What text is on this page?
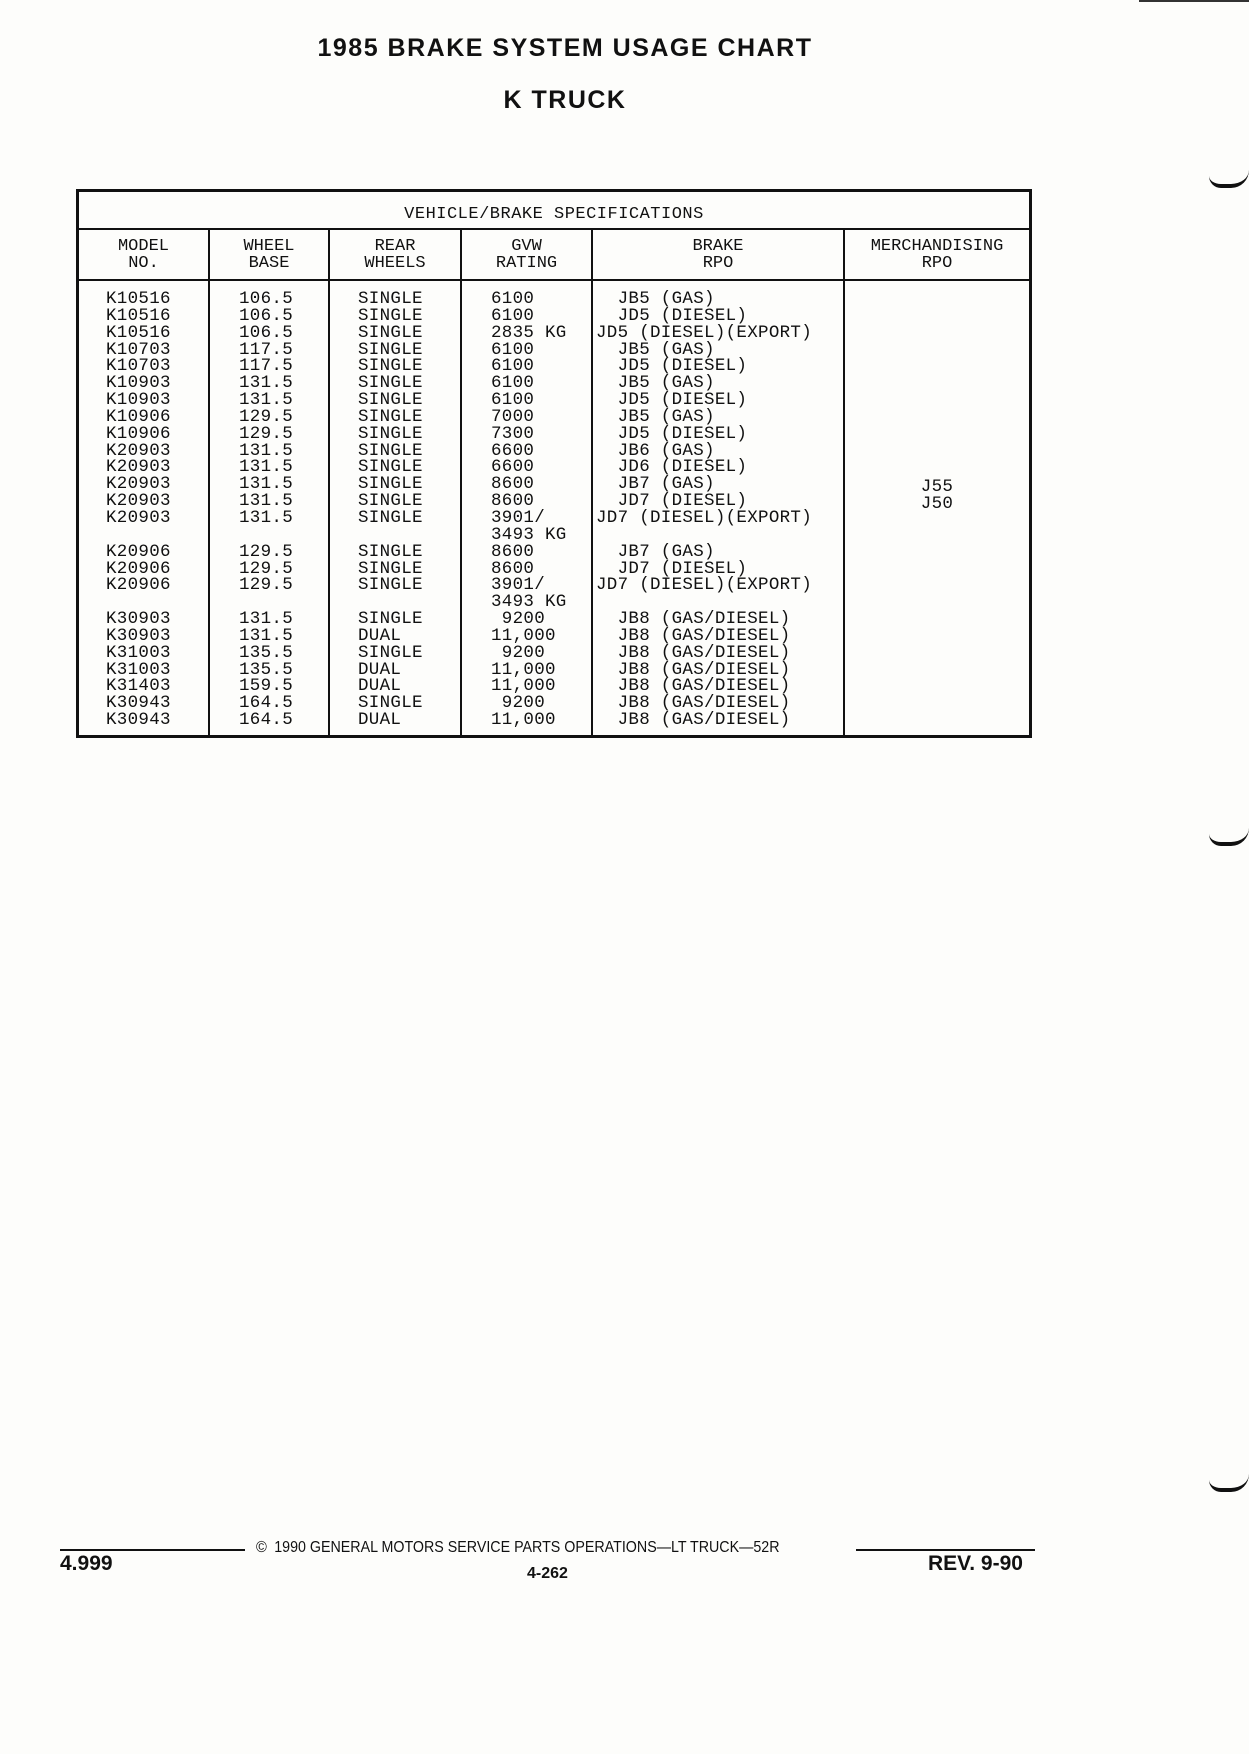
1985 BRAKE SYSTEM USAGE CHART
K TRUCK
VEHICLE/BRAKE SPECIFICATIONS
MODEL
NO.
K10516
K10516
K10516
K10703
K10703
K10903
K10903
K10906
K10906
K20903
K20903
K20903
K20903
K20903
K20906
K20906
K20906
K30903
K30903
K31003
K31003
K31403
K30943
K30943
WHEEL
BASE
106.5
106.5
106.5
117.5
117.5
131.5
131.5
129.5
129.5
131.5
131.5
131.5
131.5
131.5
129.5
129.5
129.5
131.5
131.5
135.5
135.5
159.5
164.5
164.5
REAR
WHEELS
SINGLE
SINGLE
SINGLE
SINGLE
SINGLE
SINGLE
SINGLE
SINGLE
SINGLE
SINGLE
SINGLE
SINGLE
SINGLE
SINGLE
SINGLE
SINGLE
SINGLE
SINGLE
DUAL
SINGLE
DUAL
DUAL
SINGLE
DUAL
GVW
RATING
6100
6100
2835 KG
6100
6100
6100
6100
7000
7300
6600
6600
8600
8600
3901/
3493 KG
8600
8600
3901/
3493 KG
9200
11,000
9200
11,000
11,000
9200
11,000
BRAKE
RPO
JB5 (GAS)
JD5 (DIESEL)
JD5 (DIESEL)(EXPORT)
JB5 (GAS)
JD5 (DIESEL)
JB5 (GAS)
JD5 (DIESEL)
JB5 (GAS)
JD5 (DIESEL)
JB6 (GAS)
JD6 (DIESEL)
JB7 (GAS)
JD7 (DIESEL)
JD7 (DIESEL)(EXPORT)
JB7 (GAS)
JD7 (DIESEL)
JD7 (DIESEL)(EXPORT)
JB8 (GAS/DIESEL)
JB8 (GAS/DIESEL)
JB8 (GAS/DIESEL)
JB8 (GAS/DIESEL)
JB8 (GAS/DIESEL)
JB8 (GAS/DIESEL)
JB8 (GAS/DIESEL)
MERCHANDISING
RPO
J55
J50
© 1990 GENERAL MOTORS SERVICE PARTS OPERATIONS—LT TRUCK—52R
4.999	4-262	REV. 9-90
